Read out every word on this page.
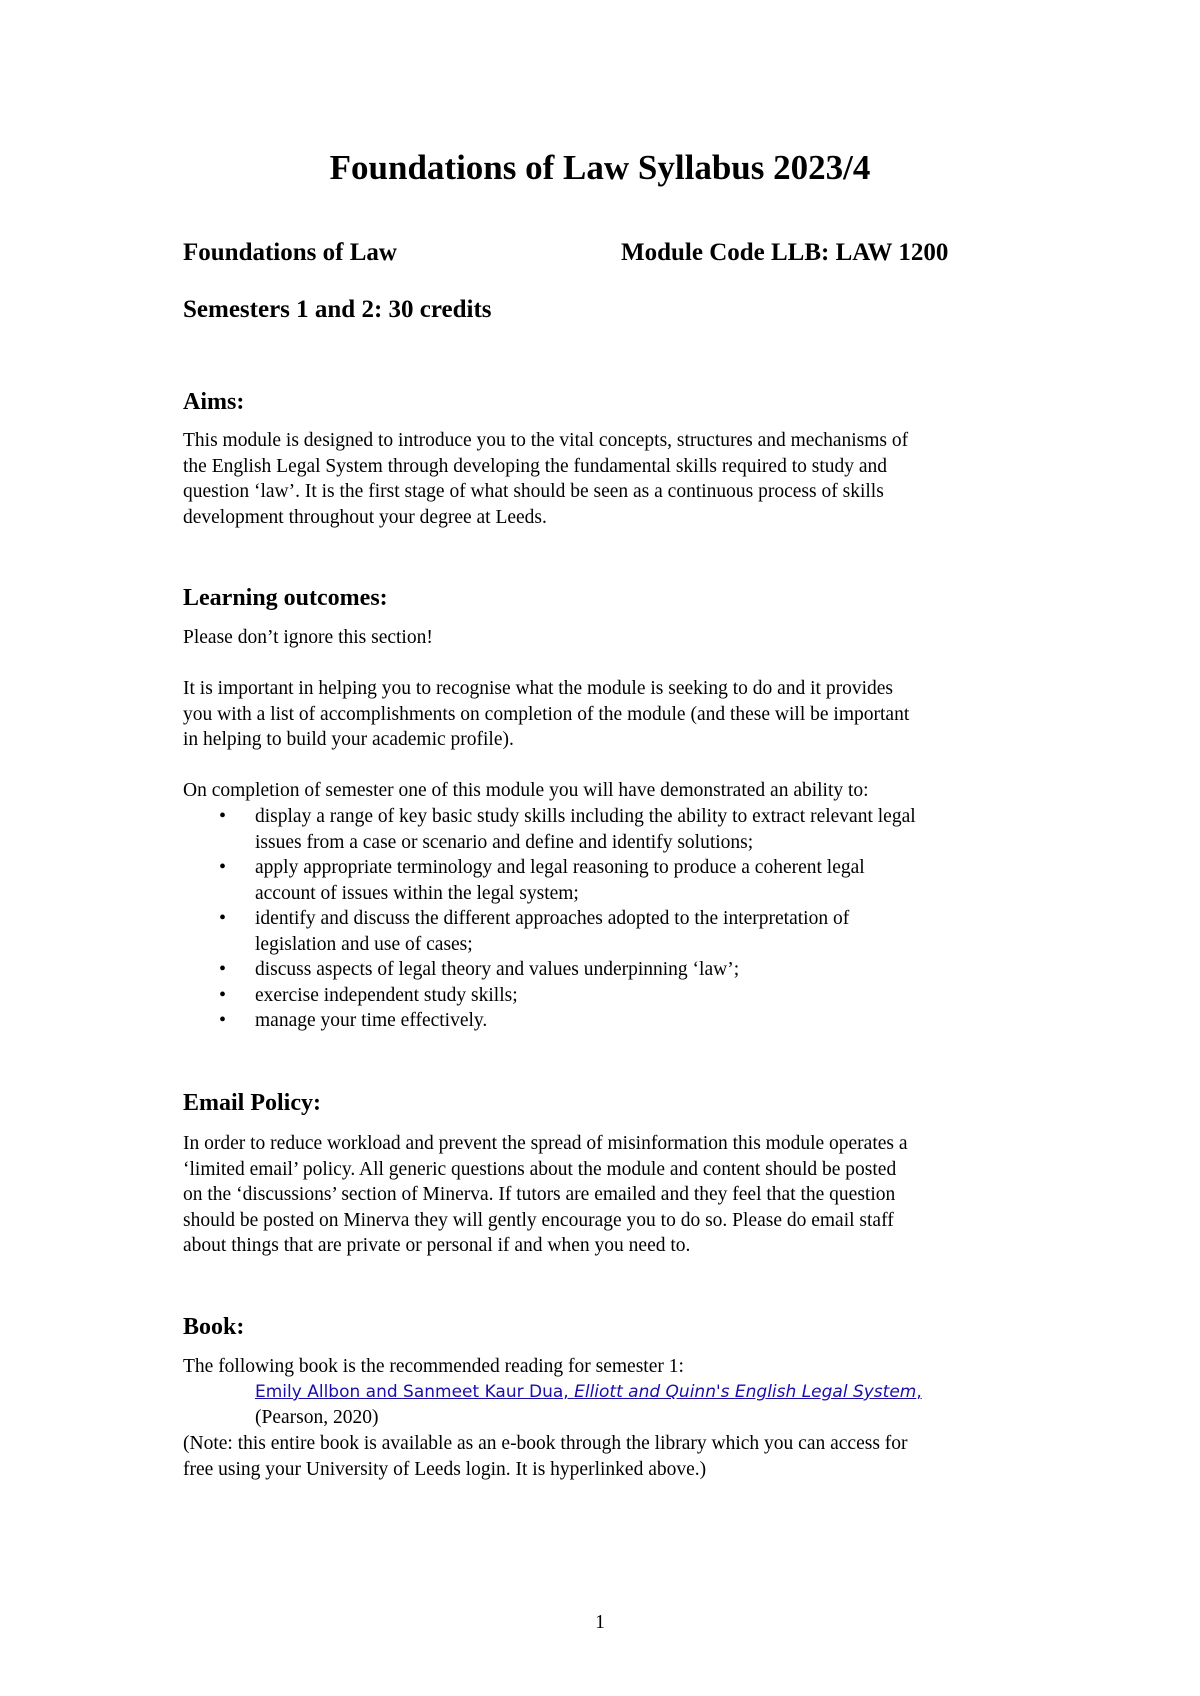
Foundations of Law Syllabus 2023/4
Foundations of Law	Module Code LLB: LAW 1200
Semesters 1 and 2: 30 credits
Aims:
This module is designed to introduce you to the vital concepts, structures and mechanisms of
the English Legal System through developing the fundamental skills required to study and
question ‘law’. It is the first stage of what should be seen as a continuous process of skills
development throughout your degree at Leeds.
Learning outcomes:
Please don’t ignore this section!
It is important in helping you to recognise what the module is seeking to do and it provides
you with a list of accomplishments on completion of the module (and these will be important
in helping to build your academic profile).
On completion of semester one of this module you will have demonstrated an ability to:
• display a range of key basic study skills including the ability to extract relevant legal
issues from a case or scenario and define and identify solutions;
• apply appropriate terminology and legal reasoning to produce a coherent legal
account of issues within the legal system;
• identify and discuss the different approaches adopted to the interpretation of
legislation and use of cases;
• discuss aspects of legal theory and values underpinning ‘law’;
• exercise independent study skills;
• manage your time effectively.
Email Policy:
In order to reduce workload and prevent the spread of misinformation this module operates a
‘limited email’ policy. All generic questions about the module and content should be posted
on the ‘discussions’ section of Minerva. If tutors are emailed and they feel that the question
should be posted on Minerva they will gently encourage you to do so. Please do email staff
about things that are private or personal if and when you need to.
Book:
The following book is the recommended reading for semester 1:
Emily Allbon and Sanmeet Kaur Dua, Elliott and Quinn's English Legal System,
(Pearson, 2020)
(Note: this entire book is available as an e-book through the library which you can access for
free using your University of Leeds login. It is hyperlinked above.)
1
